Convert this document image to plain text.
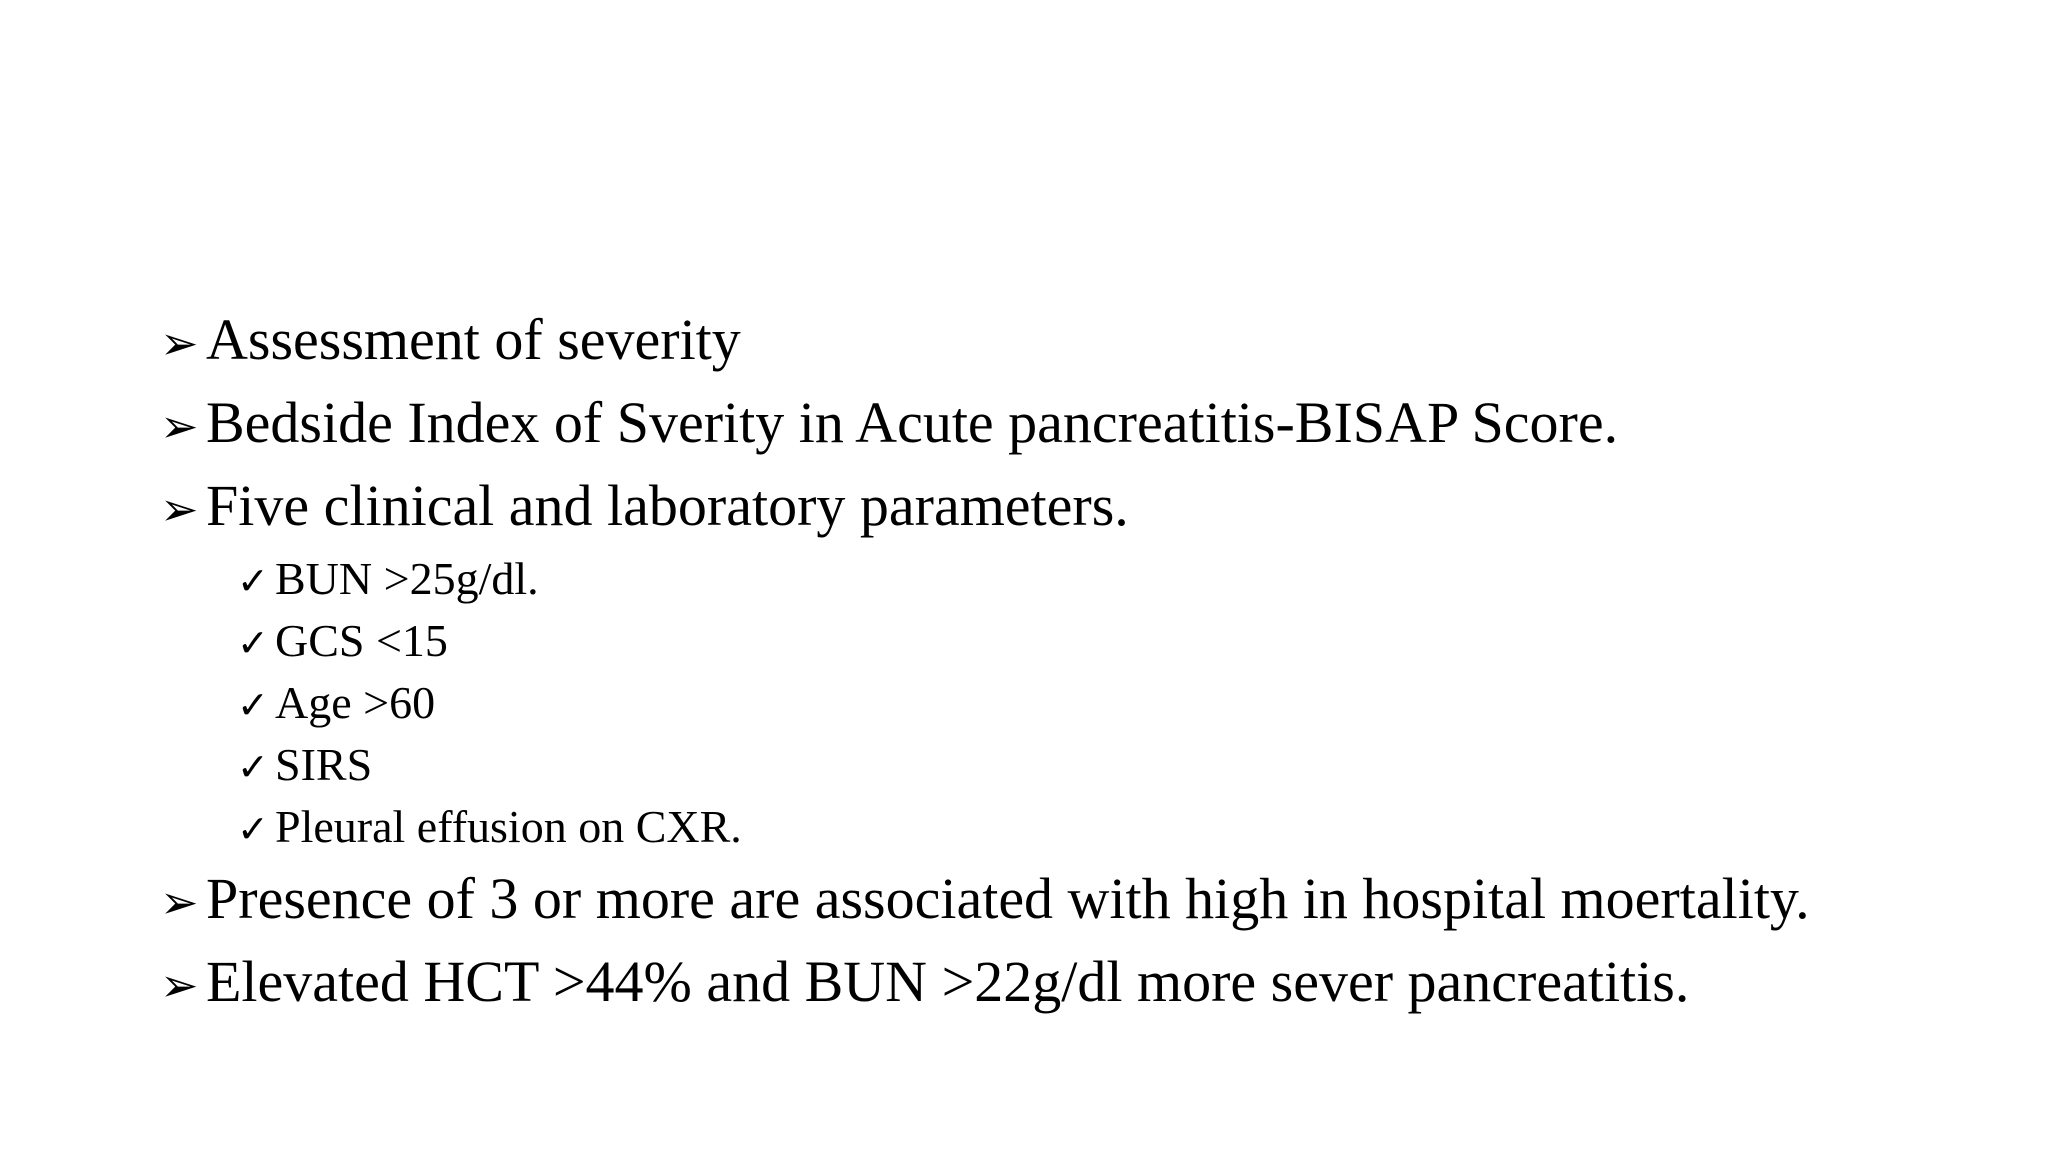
➢ Assessment of severity
➢ Bedside Index of Sverity in Acute pancreatitis-BISAP Score.
➢ Five clinical and laboratory parameters.
✓ BUN >25g/dl.
✓ GCS <15
✓ Age >60
✓ SIRS
✓ Pleural effusion on CXR.
➢ Presence of 3 or more are associated with high in hospital moertality.
➢ Elevated HCT >44% and BUN >22g/dl more sever pancreatitis.
